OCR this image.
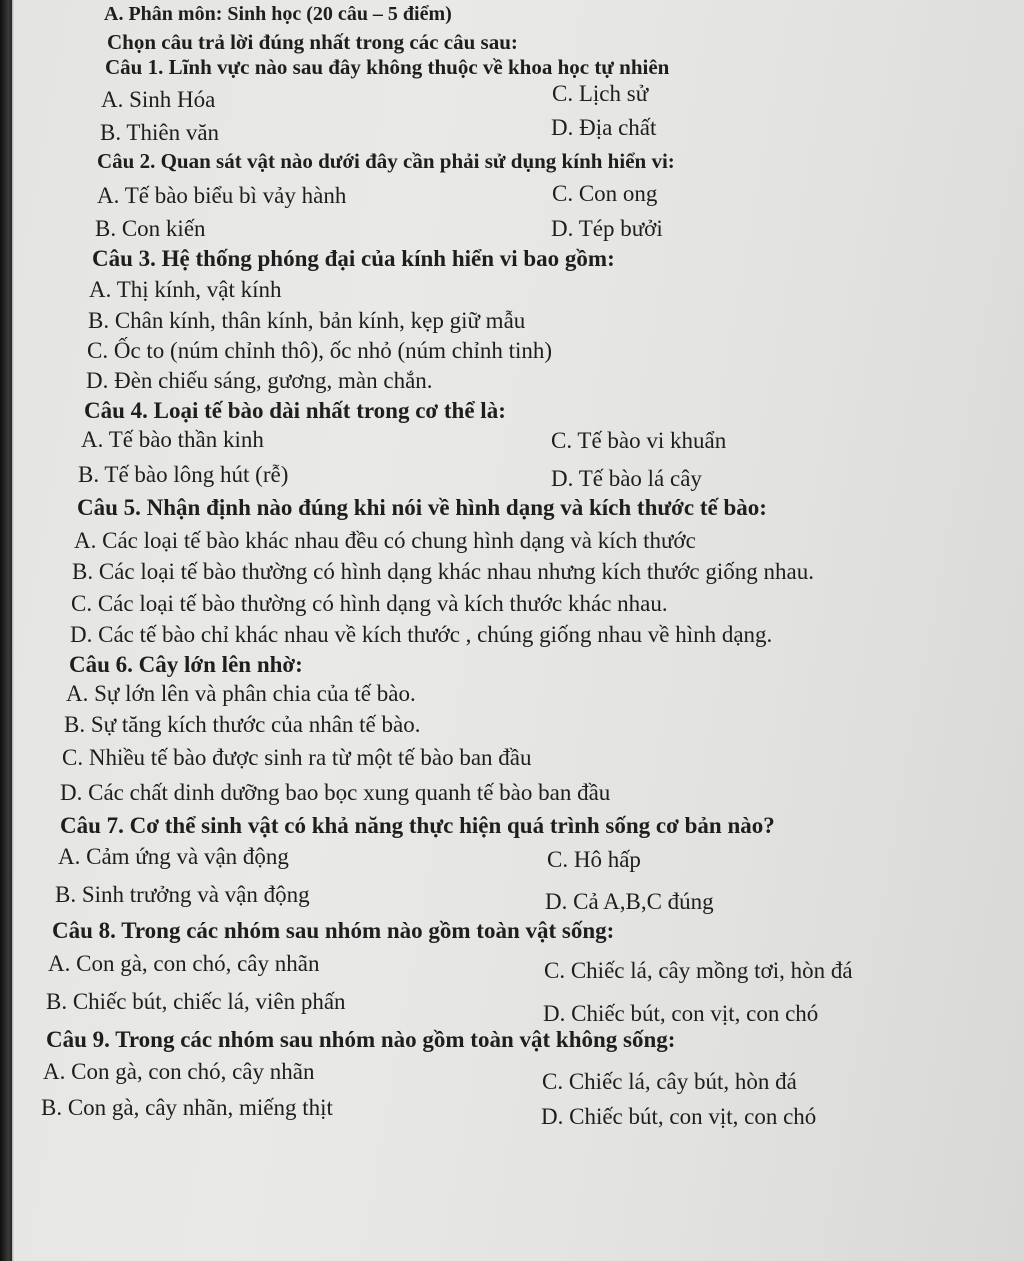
A. Phân môn: Sinh học (20 câu – 5 điểm)
Chọn câu trả lời đúng nhất trong các câu sau:
Câu 1. Lĩnh vực nào sau đây không thuộc về khoa học tự nhiên
A. Sinh Hóa	C. Lịch sử
B. Thiên văn	D. Địa chất
Câu 2. Quan sát vật nào dưới đây cần phải sử dụng kính hiển vi:
A. Tế bào biểu bì vảy hành	C. Con ong
B. Con kiến	D. Tép bưởi
Câu 3. Hệ thống phóng đại của kính hiển vi bao gồm:
A. Thị kính, vật kính
B. Chân kính, thân kính, bản kính, kẹp giữ mẫu
C. Ốc to (núm chỉnh thô), ốc nhỏ (núm chỉnh tinh)
D. Đèn chiếu sáng, gương, màn chắn.
Câu 4. Loại tế bào dài nhất trong cơ thể là:
A. Tế bào thần kinh	C. Tế bào vi khuẩn
B. Tế bào lông hút (rễ)	D. Tế bào lá cây
Câu 5. Nhận định nào đúng khi nói về hình dạng và kích thước tế bào:
A. Các loại tế bào khác nhau đều có chung hình dạng và kích thước
B. Các loại tế bào thường có hình dạng khác nhau nhưng kích thước giống nhau.
C. Các loại tế bào thường có hình dạng và kích thước khác nhau.
D. Các tế bào chỉ khác nhau về kích thước , chúng giống nhau về hình dạng.
Câu 6. Cây lớn lên nhờ:
A. Sự lớn lên và phân chia của tế bào.
B. Sự tăng kích thước của nhân tế bào.
C. Nhiều tế bào được sinh ra từ một tế bào ban đầu
D. Các chất dinh dưỡng bao bọc xung quanh tế bào ban đầu
Câu 7. Cơ thể sinh vật có khả năng thực hiện quá trình sống cơ bản nào?
A. Cảm ứng và vận động	C. Hô hấp
B. Sinh trưởng và vận động	D. Cả A,B,C đúng
Câu 8. Trong các nhóm sau nhóm nào gồm toàn vật sống:
A. Con gà, con chó, cây nhãn	C. Chiếc lá, cây mồng tơi, hòn đá
B. Chiếc bút, chiếc lá, viên phấn	D. Chiếc bút, con vịt, con chó
Câu 9. Trong các nhóm sau nhóm nào gồm toàn vật không sống:
A. Con gà, con chó, cây nhãn	C. Chiếc lá, cây bút, hòn đá
B. Con gà, cây nhãn, miếng thịt	D. Chiếc bút, con vịt, con chó
